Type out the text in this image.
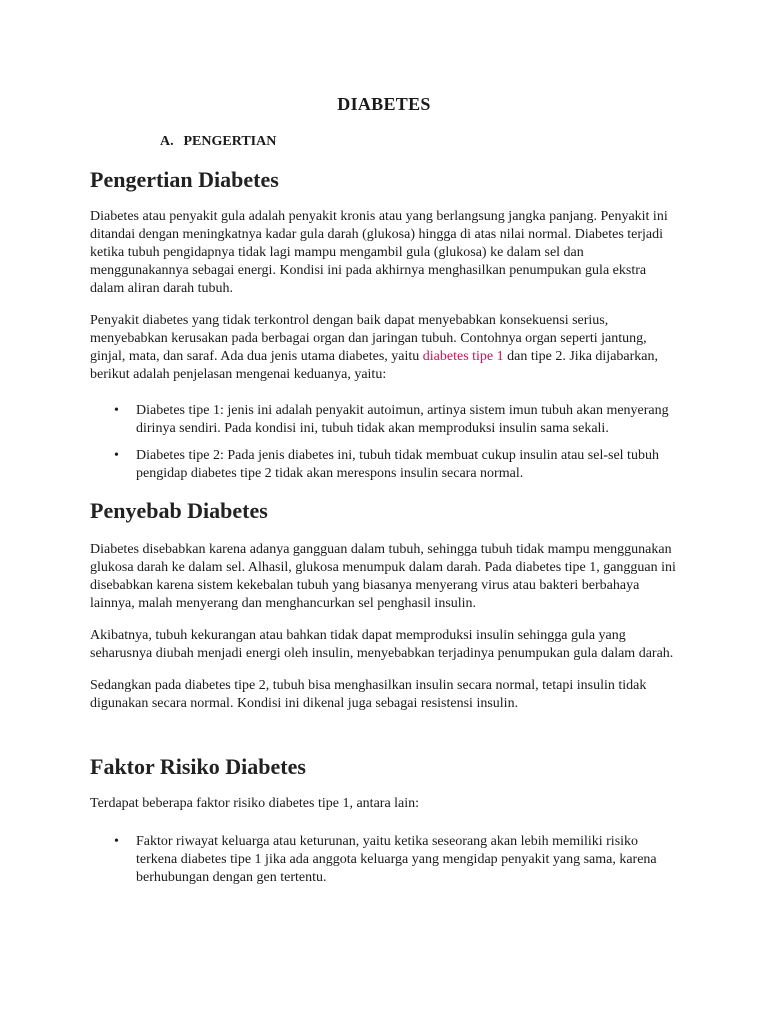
DIABETES
A. PENGERTIAN
Pengertian Diabetes

Diabetes atau penyakit gula adalah penyakit kronis atau yang berlangsung jangka panjang. Penyakit ini ditandai dengan meningkatnya kadar gula darah (glukosa) hingga di atas nilai normal. Diabetes terjadi ketika tubuh pengidapnya tidak lagi mampu mengambil gula (glukosa) ke dalam sel dan menggunakannya sebagai energi. Kondisi ini pada akhirnya menghasilkan penumpukan gula ekstra dalam aliran darah tubuh.

Penyakit diabetes yang tidak terkontrol dengan baik dapat menyebabkan konsekuensi serius, menyebabkan kerusakan pada berbagai organ dan jaringan tubuh. Contohnya organ seperti jantung, ginjal, mata, dan saraf. Ada dua jenis utama diabetes, yaitu diabetes tipe 1 dan tipe 2. Jika dijabarkan, berikut adalah penjelasan mengenai keduanya, yaitu:

• Diabetes tipe 1: jenis ini adalah penyakit autoimun, artinya sistem imun tubuh akan menyerang dirinya sendiri. Pada kondisi ini, tubuh tidak akan memproduksi insulin sama sekali.
• Diabetes tipe 2: Pada jenis diabetes ini, tubuh tidak membuat cukup insulin atau sel-sel tubuh pengidap diabetes tipe 2 tidak akan merespons insulin secara normal.
Penyebab Diabetes

Diabetes disebabkan karena adanya gangguan dalam tubuh, sehingga tubuh tidak mampu menggunakan glukosa darah ke dalam sel. Alhasil, glukosa menumpuk dalam darah. Pada diabetes tipe 1, gangguan ini disebabkan karena sistem kekebalan tubuh yang biasanya menyerang virus atau bakteri berbahaya lainnya, malah menyerang dan menghancurkan sel penghasil insulin.

Akibatnya, tubuh kekurangan atau bahkan tidak dapat memproduksi insulin sehingga gula yang seharusnya diubah menjadi energi oleh insulin, menyebabkan terjadinya penumpukan gula dalam darah.

Sedangkan pada diabetes tipe 2, tubuh bisa menghasilkan insulin secara normal, tetapi insulin tidak digunakan secara normal. Kondisi ini dikenal juga sebagai resistensi insulin.

Faktor Risiko Diabetes

Terdapat beberapa faktor risiko diabetes tipe 1, antara lain:

• Faktor riwayat keluarga atau keturunan, yaitu ketika seseorang akan lebih memiliki risiko terkena diabetes tipe 1 jika ada anggota keluarga yang mengidap penyakit yang sama, karena berhubungan dengan gen tertentu.
